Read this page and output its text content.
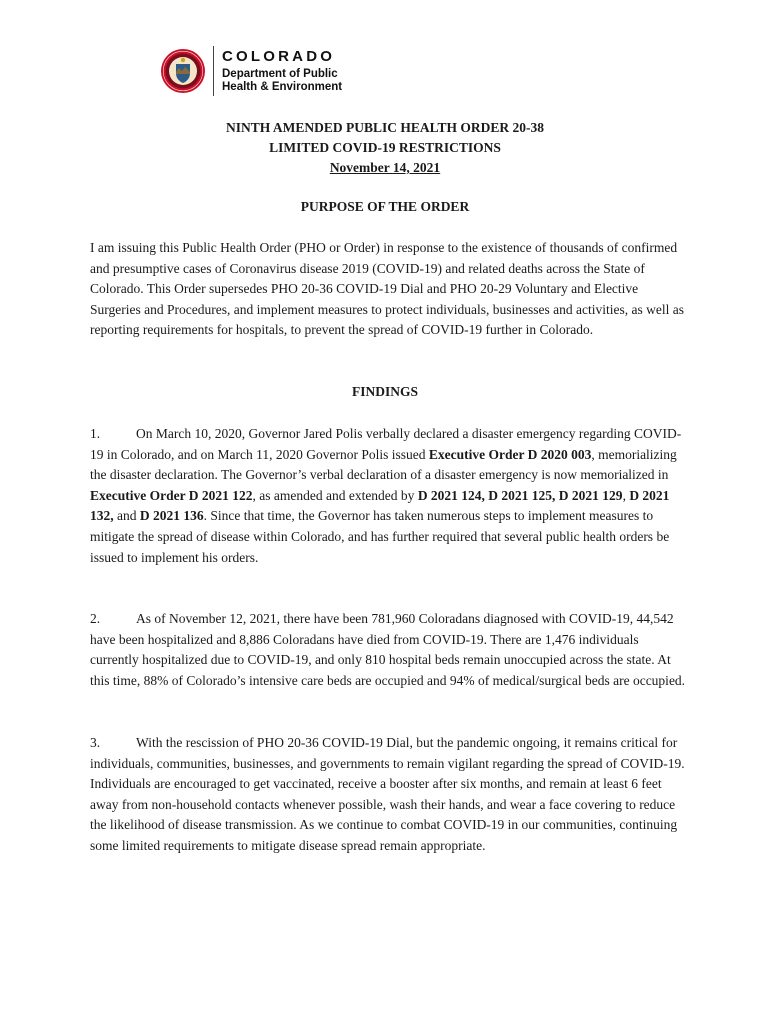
COLORADO
Department of Public
Health & Environment
NINTH AMENDED PUBLIC HEALTH ORDER 20-38
LIMITED COVID-19 RESTRICTIONS
November 14, 2021
PURPOSE OF THE ORDER
I am issuing this Public Health Order (PHO or Order) in response to the existence of thousands of confirmed and presumptive cases of Coronavirus disease 2019 (COVID-19) and related deaths across the State of Colorado. This Order supersedes PHO 20-36 COVID-19 Dial and PHO 20-29 Voluntary and Elective Surgeries and Procedures, and implement measures to protect individuals, businesses and activities, as well as reporting requirements for hospitals, to prevent the spread of COVID-19 further in Colorado.
FINDINGS
1.	On March 10, 2020, Governor Jared Polis verbally declared a disaster emergency regarding COVID-19 in Colorado, and on March 11, 2020 Governor Polis issued Executive Order D 2020 003, memorializing the disaster declaration. The Governor’s verbal declaration of a disaster emergency is now memorialized in Executive Order D 2021 122, as amended and extended by D 2021 124, D 2021 125, D 2021 129, D 2021 132, and D 2021 136. Since that time, the Governor has taken numerous steps to implement measures to mitigate the spread of disease within Colorado, and has further required that several public health orders be issued to implement his orders.
2.	As of November 12, 2021, there have been 781,960 Coloradans diagnosed with COVID-19, 44,542 have been hospitalized and 8,886 Coloradans have died from COVID-19. There are 1,476 individuals currently hospitalized due to COVID-19, and only 810 hospital beds remain unoccupied across the state. At this time, 88% of Colorado’s intensive care beds are occupied and 94% of medical/surgical beds are occupied.
3.	With the rescission of PHO 20-36 COVID-19 Dial, but the pandemic ongoing, it remains critical for individuals, communities, businesses, and governments to remain vigilant regarding the spread of COVID-19. Individuals are encouraged to get vaccinated, receive a booster after six months, and remain at least 6 feet away from non-household contacts whenever possible, wash their hands, and wear a face covering to reduce the likelihood of disease transmission. As we continue to combat COVID-19 in our communities, continuing some limited requirements to mitigate disease spread remain appropriate.
